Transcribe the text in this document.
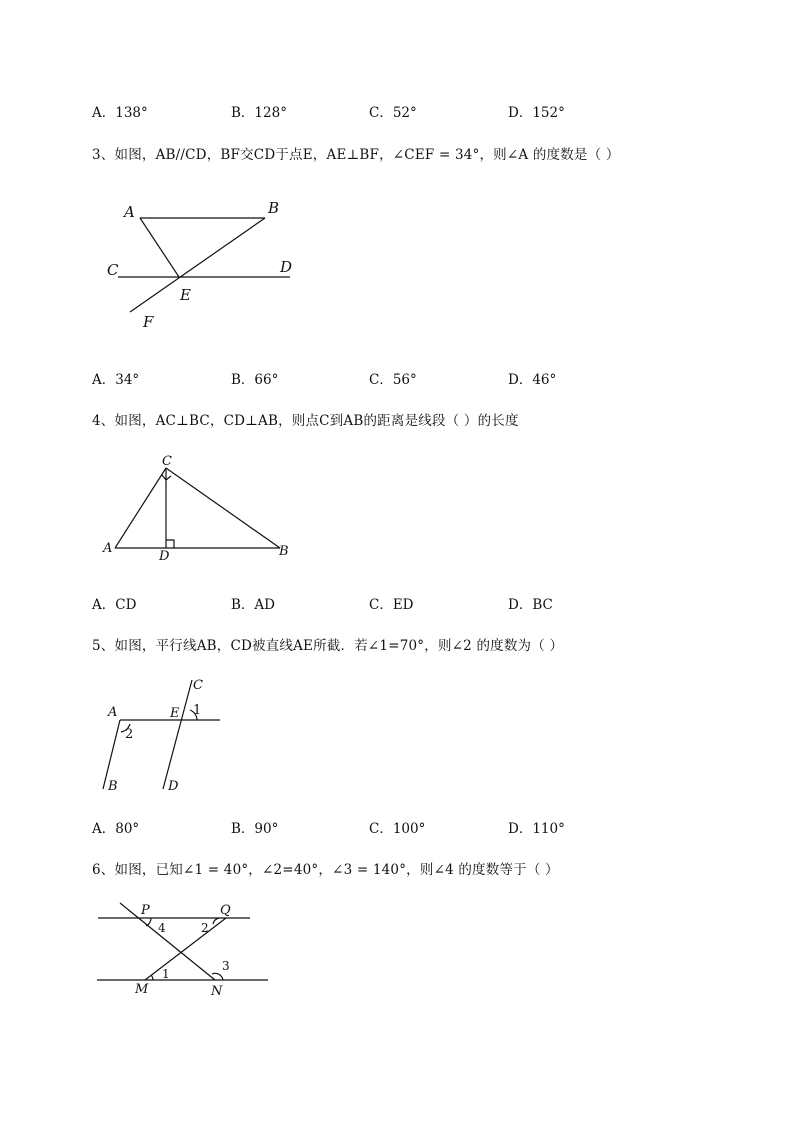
A．138°	B．128°	C．52°	D．152°
3、如图，AB//CD，BF交CD于点E，AE⊥BF，∠CEF = 34°，则∠A 的度数是（ ）
A	B
C	D
E
F
A．34°	B．66°	C．56°	D．46°
4、如图，AC⊥BC，CD⊥AB，则点C到AB的距离是线段（ ）的长度
C
A
D	B
A．CD	B．AD	C．ED	D．BC
5、如图，平行线AB，CD被直线AE所截．若∠1=70°，则∠2 的度数为（ ）
A	E
C
B	D
1
2
A．80°	B．90°	C．100°	D．110°
6、如图，已知∠1 = 40°，∠2=40°，∠3 = 140°，则∠4 的度数等于（ ）
P	Q
M	N
4	2
3
1
